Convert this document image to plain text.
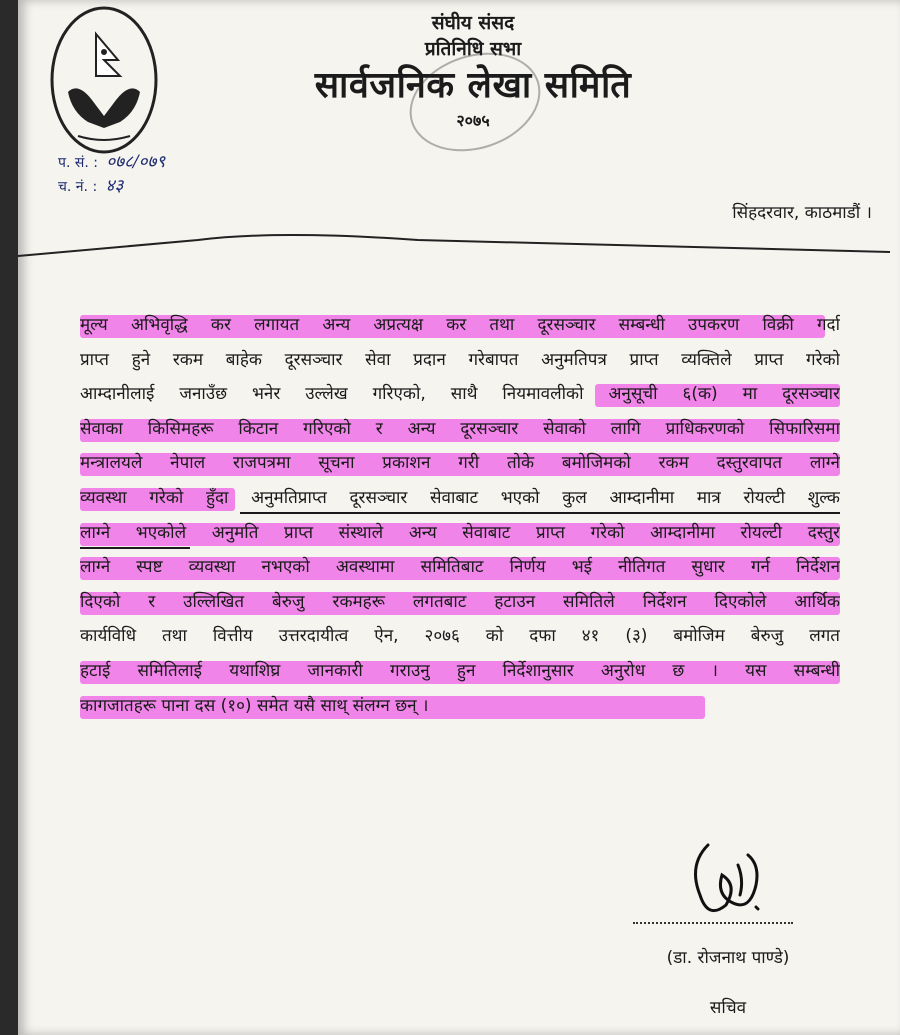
संघीय संसद
प्रतिनिधि सभा
सार्वजनिक लेखा समिति
२०७५
प. सं. : ०७८/०७९
च. नं. : ४३
सिंहदरवार, काठमाडौं ।
मूल्य अभिवृद्धि कर लगायत अन्य अप्रत्यक्ष कर तथा दूरसञ्चार सम्बन्धी उपकरण विक्री गर्दा
प्राप्त हुने रकम बाहेक दूरसञ्चार सेवा प्रदान गरेबापत अनुमतिपत्र प्राप्त व्यक्तिले प्राप्त गरेको
आम्दानीलाई जनाउँछ भनेर उल्लेख गरिएको, साथै नियमावलीको अनुसूची ६(क) मा दूरसञ्चार
सेवाका किसिमहरू किटान गरिएको र अन्य दूरसञ्चार सेवाको लागि प्राधिकरणको सिफारिसमा
मन्त्रालयले नेपाल राजपत्रमा सूचना प्रकाशन गरी तोके बमोजिमको रकम दस्तुरवापत लाग्ने
व्यवस्था गरेको हुँदा अनुमतिप्राप्त दूरसञ्चार सेवाबाट भएको कुल आम्दानीमा मात्र रोयल्टी शुल्क
लाग्ने भएकोले अनुमति प्राप्त संस्थाले अन्य सेवाबाट प्राप्त गरेको आम्दानीमा रोयल्टी दस्तुर
लाग्ने स्पष्ट व्यवस्था नभएको अवस्थामा समितिबाट निर्णय भई नीतिगत सुधार गर्न निर्देशन
दिएको र उल्लिखित बेरुजु रकमहरू लगतबाट हटाउन समितिले निर्देशन दिएकोले आर्थिक
कार्यविधि तथा वित्तीय उत्तरदायीत्व ऐन, २०७६ को दफा ४१ (३) बमोजिम बेरुजु लगत
हटाई समितिलाई यथाशिघ्र जानकारी गराउनु हुन निर्देशानुसार अनुरोध छ । यस सम्बन्धी
कागजातहरू पाना दस (१०) समेत यसै साथ् संलग्न छन् ।
(डा. रोजनाथ पाण्डे)
सचिव
